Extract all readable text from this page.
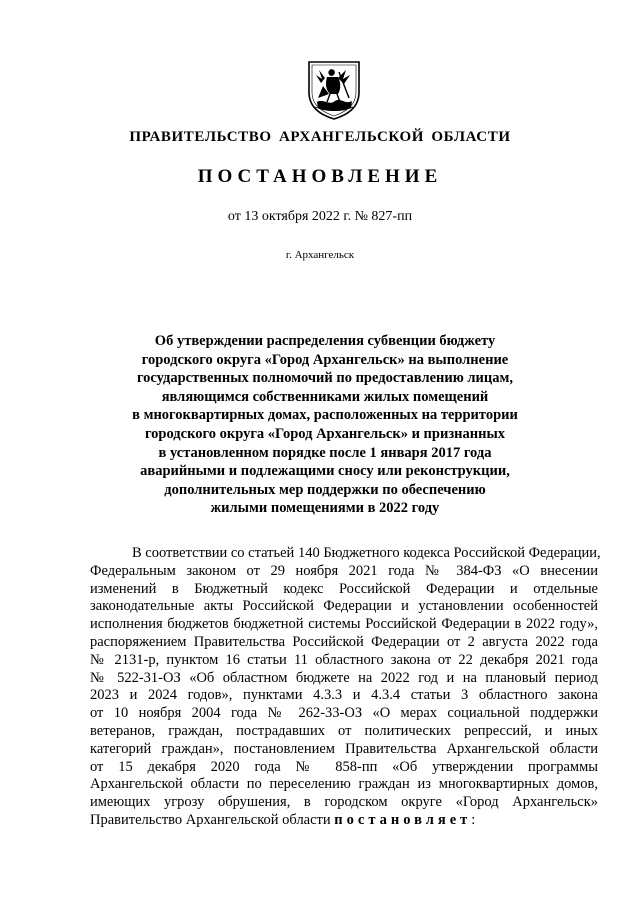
ПРАВИТЕЛЬСТВО АРХАНГЕЛЬСКОЙ ОБЛАСТИ
ПОСТАНОВЛЕНИЕ
от 13 октября 2022 г. № 827-пп
г. Архангельск
Об утверждении распределения субвенции бюджету
городского округа «Город Архангельск» на выполнение
государственных полномочий по предоставлению лицам,
являющимся собственниками жилых помещений
в многоквартирных домах, расположенных на территории
городского округа «Город Архангельск» и признанных
в установленном порядке после 1 января 2017 года
аварийными и подлежащими сносу или реконструкции,
дополнительных мер поддержки по обеспечению
жилыми помещениями в 2022 году
В соответствии со статьей 140 Бюджетного кодекса Российской Федерации,
Федеральным законом от 29 ноября 2021 года № 384-ФЗ «О внесении
изменений в Бюджетный кодекс Российской Федерации и отдельные
законодательные акты Российской Федерации и установлении особенностей
исполнения бюджетов бюджетной системы Российской Федерации в 2022 году»,
распоряжением Правительства Российской Федерации от 2 августа 2022 года
№ 2131-р, пунктом 16 статьи 11 областного закона от 22 декабря 2021 года
№ 522-31-ОЗ «Об областном бюджете на 2022 год и на плановый период
2023 и 2024 годов», пунктами 4.3.3 и 4.3.4 статьи 3 областного закона
от 10 ноября 2004 года № 262-33-ОЗ «О мерах социальной поддержки
ветеранов, граждан, пострадавших от политических репрессий, и иных
категорий граждан», постановлением Правительства Архангельской области
от 15 декабря 2020 года № 858-пп «Об утверждении программы
Архангельской области по переселению граждан из многоквартирных домов,
имеющих угрозу обрушения, в городском округе «Город Архангельск»
Правительство Архангельской области постановляет:
